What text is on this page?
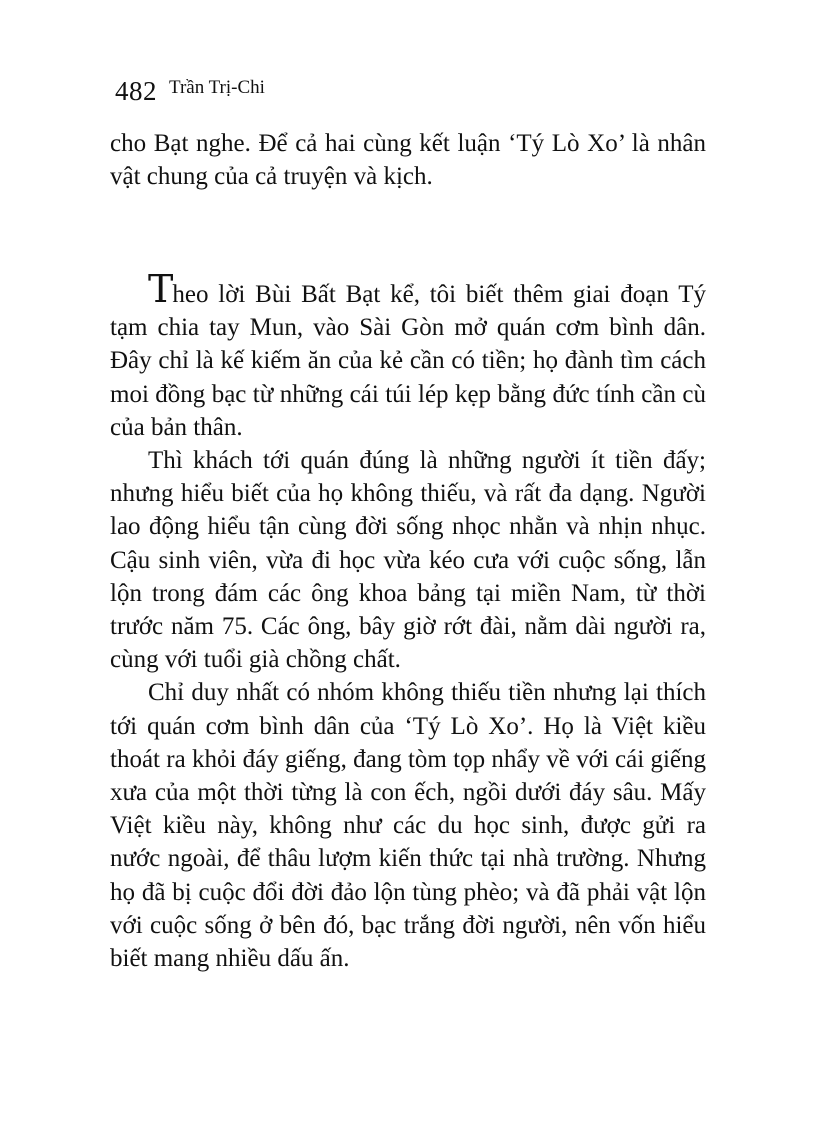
482 Trần Trị-Chi

cho Bạt nghe. Để cả hai cùng kết luận ‘Tý Lò Xo’ là nhân vật chung của cả truyện và kịch.

Theo lời Bùi Bất Bạt kể, tôi biết thêm giai đoạn Tý tạm chia tay Mun, vào Sài Gòn mở quán cơm bình dân. Đây chỉ là kế kiếm ăn của kẻ cần có tiền; họ đành tìm cách moi đồng bạc từ những cái túi lép kẹp bằng đức tính cần cù của bản thân.

Thì khách tới quán đúng là những người ít tiền đấy; nhưng hiểu biết của họ không thiếu, và rất đa dạng. Người lao động hiểu tận cùng đời sống nhọc nhằn và nhịn nhục. Cậu sinh viên, vừa đi học vừa kéo cưa với cuộc sống, lẫn lộn trong đám các ông khoa bảng tại miền Nam, từ thời trước năm 75. Các ông, bây giờ rớt đài, nằm dài người ra, cùng với tuổi già chồng chất.

Chỉ duy nhất có nhóm không thiếu tiền nhưng lại thích tới quán cơm bình dân của ‘Tý Lò Xo’. Họ là Việt kiều thoát ra khỏi đáy giếng, đang tòm tọp nhẩy về với cái giếng xưa của một thời từng là con ếch, ngồi dưới đáy sâu. Mấy Việt kiều này, không như các du học sinh, được gửi ra nước ngoài, để thâu lượm kiến thức tại nhà trường. Nhưng họ đã bị cuộc đổi đời đảo lộn tùng phèo; và đã phải vật lộn với cuộc sống ở bên đó, bạc trắng đời người, nên vốn hiểu biết mang nhiều dấu ấn.
